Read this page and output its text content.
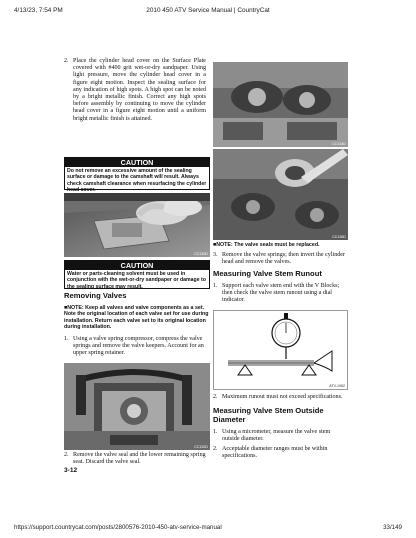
4/13/23, 7:54 PM	2010 450 ATV Service Manual | CountryCat
2. Place the cylinder head cover on the Surface Plate covered with #400 grit wet-or-dry sandpaper. Using light pressure, move the cylinder head cover in a figure eight motion. Inspect the sealing surface for any indication of high spots. A high spot can be noted by a bright metallic finish. Correct any high spots before assembly by continuing to move the cylinder head cover in a figure eight motion until a uniform bright metallic finish is attained.
CAUTION
Do not remove an excessive amount of the sealing surface or damage to the camshaft will result. Always check camshaft clearance when resurfacing the cylinder head cover.
CC130D
CAUTION
Water or parts-cleaning solvent must be used in conjunction with the wet-or-dry sandpaper or damage to the sealing surface may result.
Removing Valves
■NOTE: Keep all valves and valve components as a set. Note the original location of each valve set for use during installation. Return each valve set to its original location during installation.
1. Using a valve spring compressor, compress the valve springs and remove the valve keepers. Account for an upper spring retainer.
CC132D
2. Remove the valve seal and the lower remaining spring seat. Discard the valve seal.
3-12
CC134D
CC136D
■NOTE: The valve seals must be replaced.
3. Remove the valve springs; then invert the cylinder head and remove the valves.
Measuring Valve Stem Runout
1. Support each valve stem end with the V Blocks; then check the valve stem runout using a dial indicator.
ATV-1082
2. Maximum runout must not exceed specifications.
Measuring Valve Stem Outside Diameter
1. Using a micrometer, measure the valve stem outside diameter.
2. Acceptable diameter ranges must be within specifications.
https://support.countrycat.com/posts/2800576-2010-450-atv-service-manual	33/149
